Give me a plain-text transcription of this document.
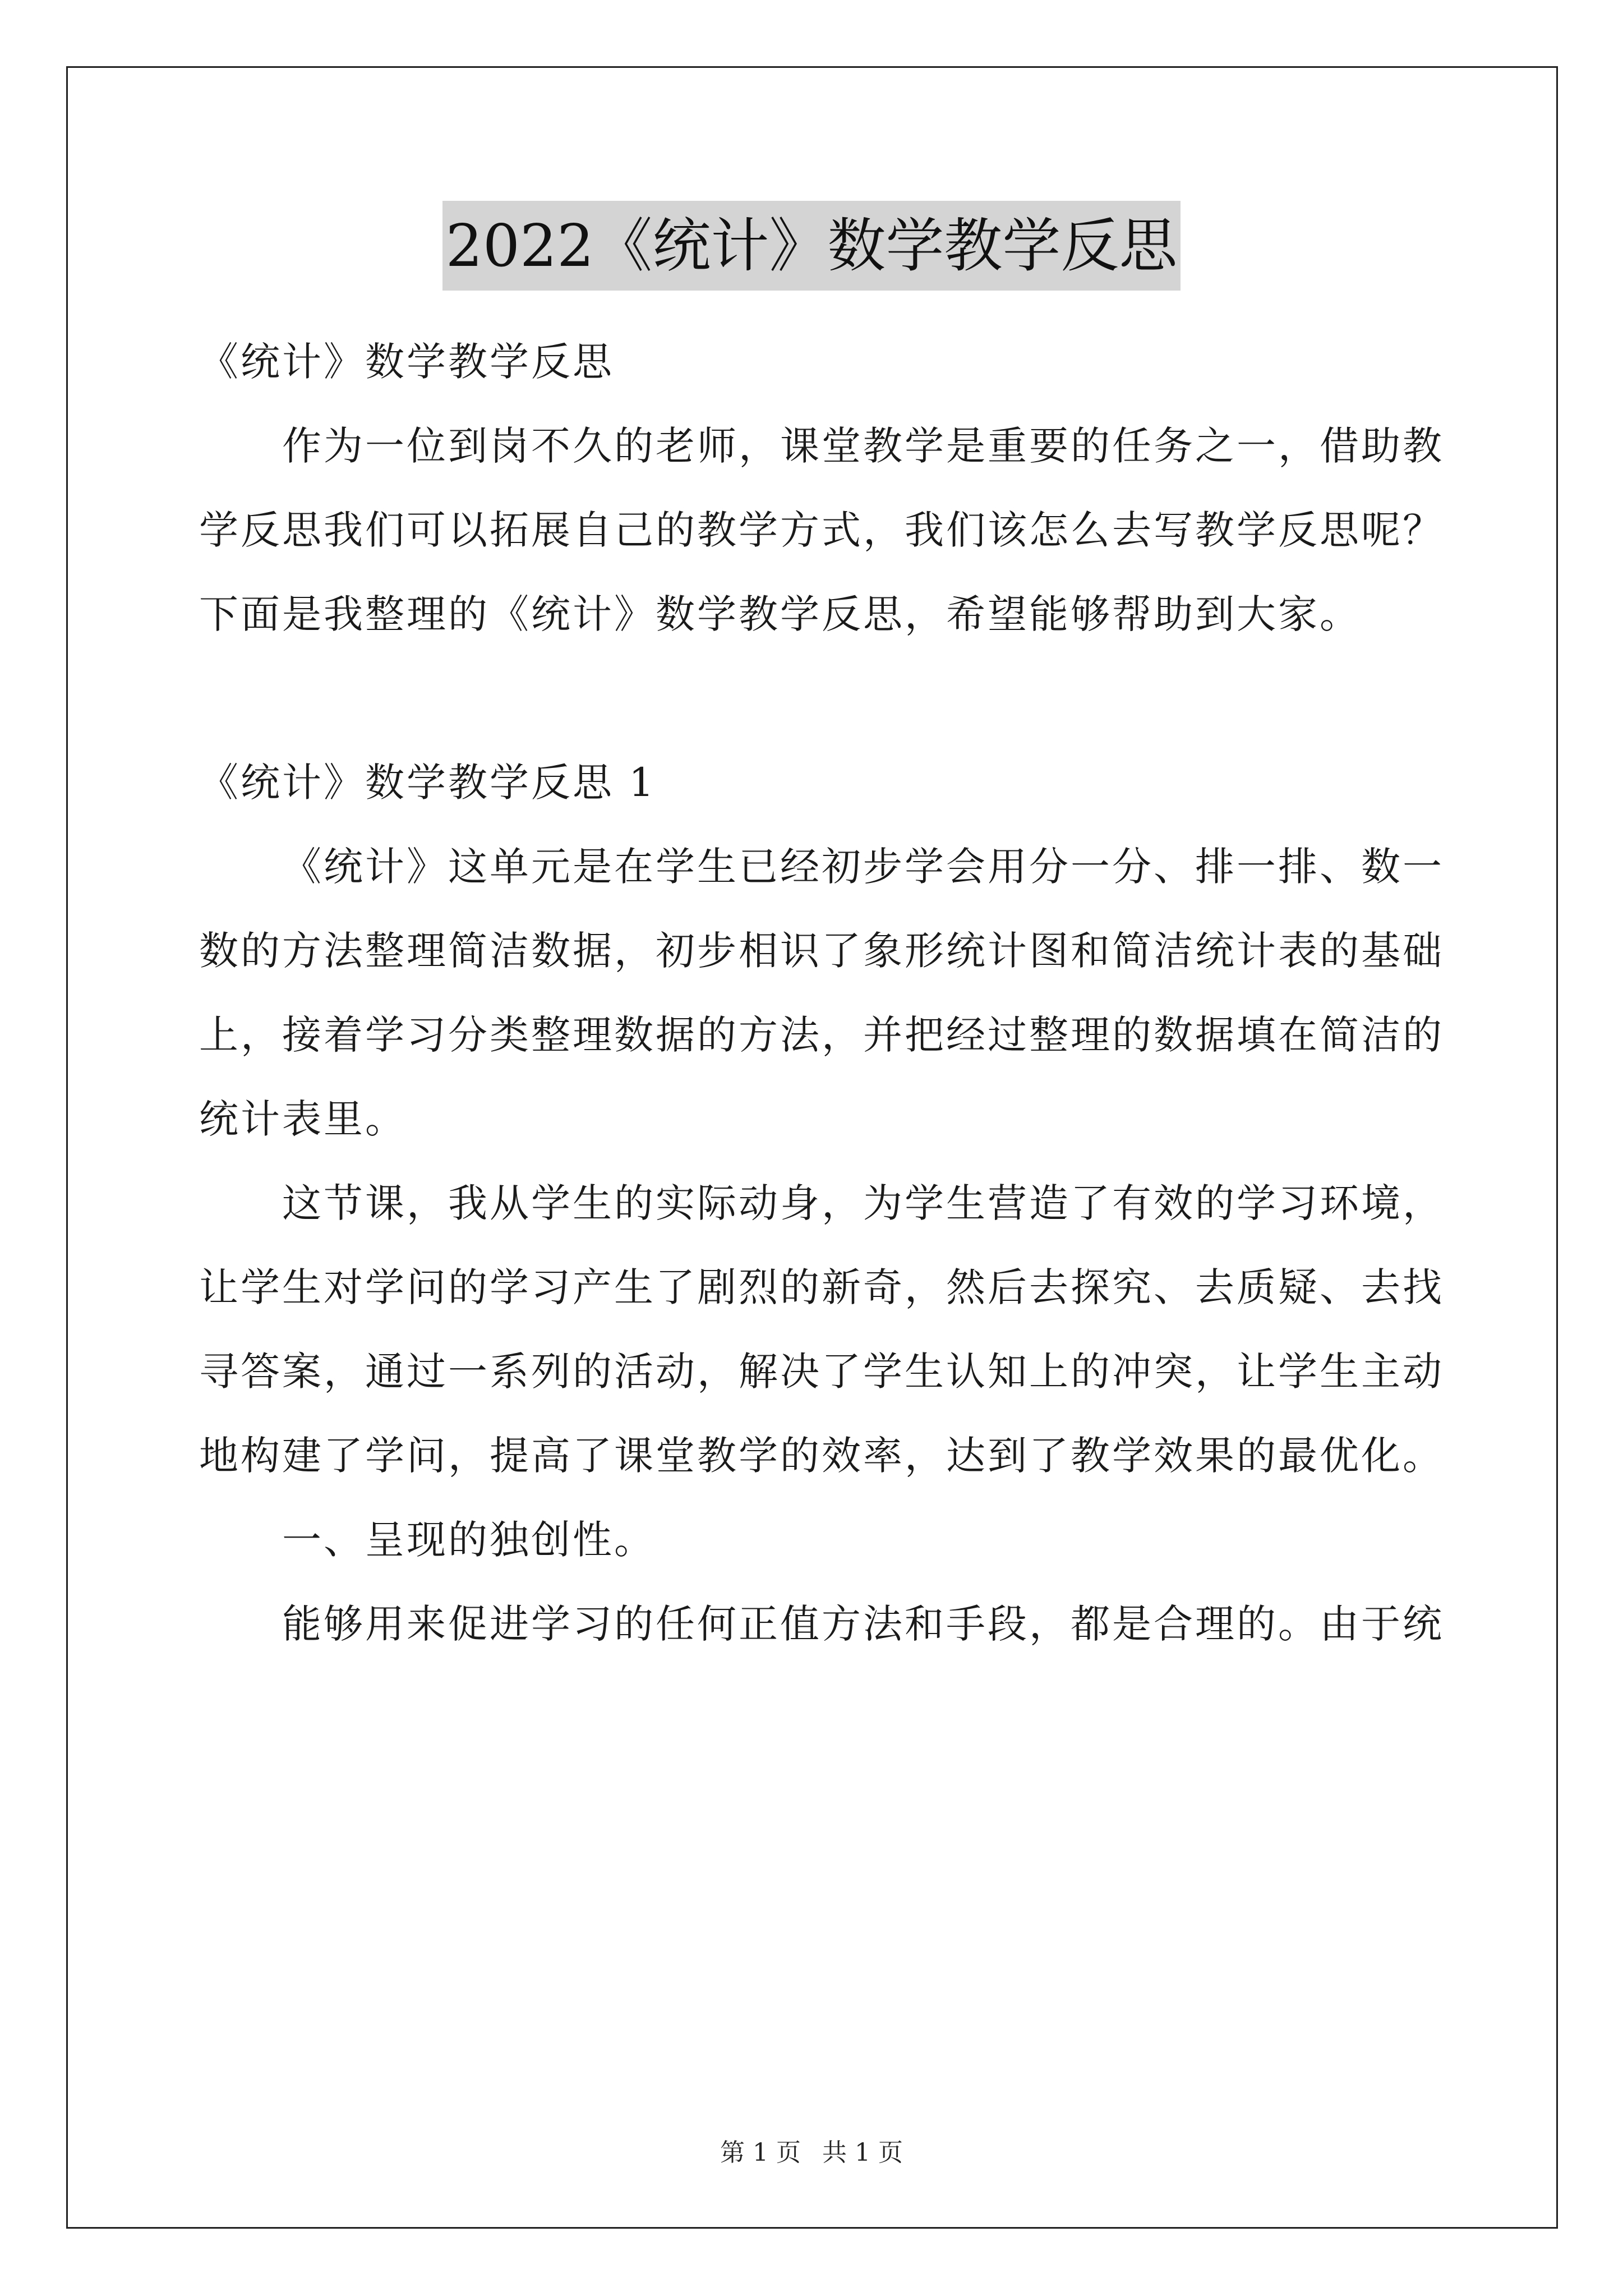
2022《统计》数学教学反思
《统计》数学教学反思
作为一位到岗不久的老师，课堂教学是重要的任务之一，借助教
学反思我们可以拓展自己的教学方式，我们该怎么去写教学反思呢？
下面是我整理的《统计》数学教学反思，希望能够帮助到大家。
《统计》数学教学反思 1
《统计》这单元是在学生已经初步学会用分一分、排一排、数一
数的方法整理简洁数据，初步相识了象形统计图和简洁统计表的基础
上，接着学习分类整理数据的方法，并把经过整理的数据填在简洁的
统计表里。
这节课，我从学生的实际动身，为学生营造了有效的学习环境，
让学生对学问的学习产生了剧烈的新奇，然后去探究、去质疑、去找
寻答案，通过一系列的活动，解决了学生认知上的冲突，让学生主动
地构建了学问，提高了课堂教学的效率，达到了教学效果的最优化。
一、呈现的独创性。
能够用来促进学习的任何正值方法和手段，都是合理的。由于统
第 1 页 共 1 页
